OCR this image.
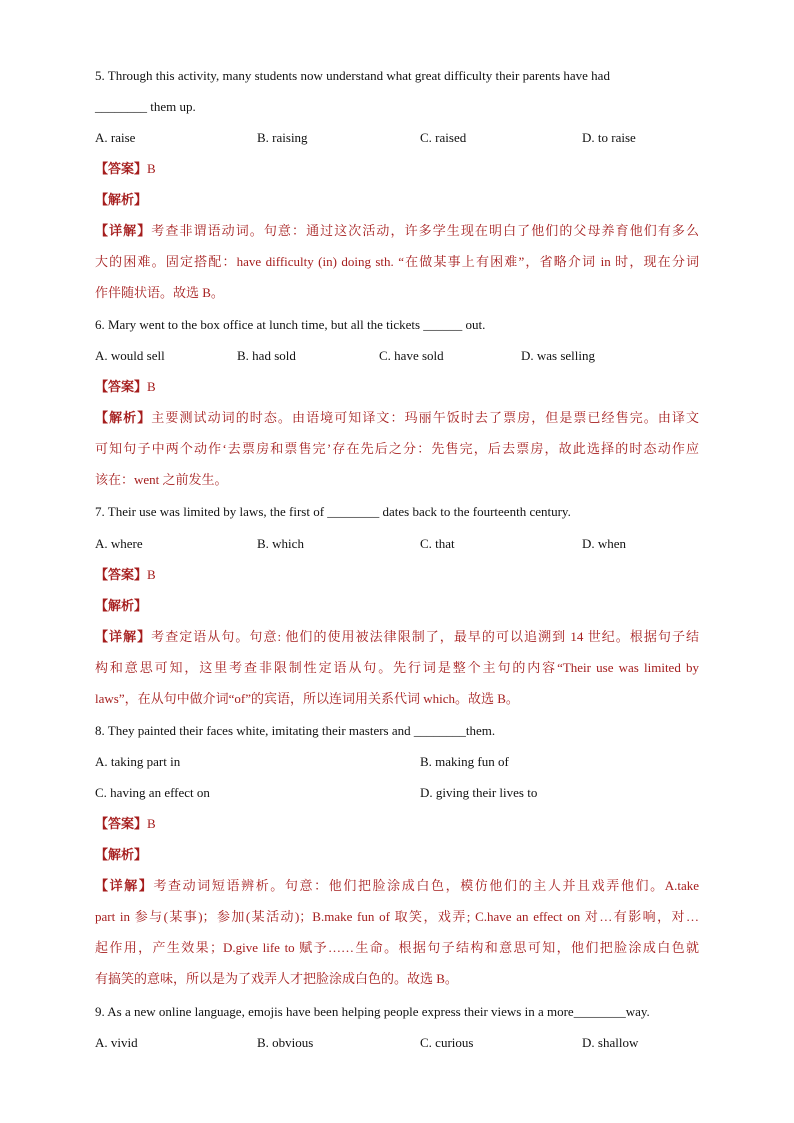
5. Through this activity, many students now understand what great difficulty their parents have had
________ them up.
A. raise	B. raising	C. raised	D. to raise
【答案】B
【解析】
【详解】考查非谓语动词。句意：通过这次活动，许多学生现在明白了他们的父母养育他们有多么
大的困难。固定搭配：have difficulty (in) doing sth. “在做某事上有困难”，省略介词 in 时，现在分词
作伴随状语。故选 B。
6. Mary went to the box office at lunch time, but all the tickets ______ out.
A. would sell	B. had sold	C. have sold	D. was selling
【答案】B
【解析】主要测试动词的时态。由语境可知译文：玛丽午饭时去了票房，但是票已经售完。由译文
可知句子中两个动作‘去票房和票售完’存在先后之分：先售完，后去票房，故此选择的时态动作应
该在：went 之前发生。
7. Their use was limited by laws, the first of ________ dates back to the fourteenth century.
A. where	B. which	C. that	D. when
【答案】B
【解析】
【详解】考查定语从句。句意: 他们的使用被法律限制了，最早的可以追溯到 14 世纪。根据句子结
构和意思可知，这里考查非限制性定语从句。先行词是整个主句的内容“Their use was limited by
laws”，在从句中做介词“of”的宾语，所以连词用关系代词 which。故选 B。
8. They painted their faces white, imitating their masters and ________them.
A. taking part in	B. making fun of
C. having an effect on	D. giving their lives to
【答案】B
【解析】
【详解】考查动词短语辨析。句意：他们把脸涂成白色，模仿他们的主人并且戏弄他们。A.take
part in 参与(某事)；参加(某活动)；B.make fun of 取笑，戏弄; C.have an effect on 对…有影响，对…
起作用，产生效果；D.give life to 赋予……生命。根据句子结构和意思可知，他们把脸涂成白色就
有搞笑的意味，所以是为了戏弄人才把脸涂成白色的。故选 B。
9. As a new online language, emojis have been helping people express their views in a more________way.
A. vivid	B. obvious	C. curious	D. shallow
